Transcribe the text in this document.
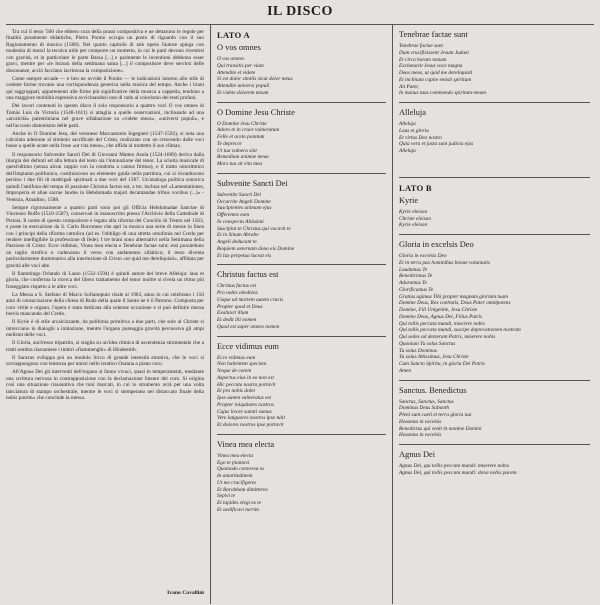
IL DISCO

Tra cui il testo '500 che ebbero cura della prassi compositiva e ne dettarono le regole per finalità puramente didattiche, Pietro Pontio occupa un posto di riguardo con il suo Ragionamento di musica (1588). Nel quarto capitolo di tale opera l'autore spiega con modestia di mezzi la tecnica utile per comporre un mottetto, in cui le parti devono rivestirsi con gravità, et in particolare le parte Bassa [...] e parimente le inventioni debbono esser gravi, mentre per «le lezioni della settimana santa [...] il compositore deve servirsi delle dissonanze, acciò facciano lacrimosa la composizione».

Come sempre accade — e ben ne avvide il Pontio — le indicazioni intorno allo stile di codeste forme trovano una corrispondenza generica nella musica del tempo. Anche i brani qui raggruppati, appartenenti alle firme più significative della musica a cappella, tendono a una maggiore mobilità espressiva avvicinandosi non di rado al colorismo dei testi profani.

Dei lavori contenuti in questo disco il solo responsorio a quattro voci O vos omnes di Tomás Luis da Victoria (1548-1611) si attaglia a quelle osservazioni, inclinando ad una «arcaicità» palestriniana nel grave sillabazione su «videte meus», «universi populi», e nell'accusto diatonismo delle parti.

Anche in O Domine Jesu, del veronese Marcantonio Ingegneri (1547-1592), si nota una calcolata adesione al simbolo sacrificale del Cristo, realizzato con un crescendo dalle voci basse a quelle acute nella frase «ut vita meus», che affida al mottetto il suo climax.

Il responsorio Subvenite Sancti Dei di Giovanni Matteo Asola (1524-1609) deriva dalla liturgia dei defunti ed alla lettura del testo sia l'intonazione del tenor. La sciolta musicale di quest'ultimo (senza alcun cappio con la condotta a cantus firmus), e il tratto omoritmico dell'impianto polifonico, costituiscono un elemento guida nella partitura, cui si riconducono persino i due fili di madrigali spirituali a due voci del 1587. Un'analoga politica sonorica quindi l'antifona del tempo di passione Christus factus est, a tre, inclusa nel «Lamentationes, Improperia et aliae sacrae laudes in Hebdomada majori decantandae tribus vocibus (...)» - Venezia, Amadino, 1588.

Sempre rigorosamente a quattro parti sono poi gli Officia Hebdomadae Sanctae di Vincenzo Ruffo (1510-1587), conservati in manoscritto presso l'Archivio della Cattedrale di Pistoia. Il nome di questo compositore è legato alla riforma del Concilio di Trento nel 1563, e poste in esecuzione da S. Carlo Borromeo che aprì la musica una serie di messe in linea con i principi della riforma cattolica (ad es. l'obbligo di una stretta omofonia nel Credo per rendere intelligibile la professione di fede). I tre brani sono alternativi nella Settimana della Passione di Cristo: Ecce vidimus, Vinea mea electa e Tenebrae factae sunt; essi possiedono un taglio strofico e cadenzano il verso con andamento sillabico; il testo diventa particolarmente drammatico alla interiezione di Cristo «ut quid me dereliquisti», affidata per gravità alle voci alte.

Il fiammingo Orlando di Lasso (1532-1594) è quindi autore del breve Alleluja: laus et gloria, che conferma la ricerca del libero trattamento del tenor inoltre si rivela un ritmo più fraseggiato rispetto a le altre voci.

La Messa a S. Stefano di Marco Sofianopulo risale al 1983, anno in cui celebrano i 150 anni di consacrazione della chiesa di Ruda della quale il Santo ne è il Patrono. Composta per coro virile e organo, l'opera è stata dedicata alla solenne occasione e si può definire messa brevis mancando del Credo.

Il Kyrie è di stile arcaicizzante, da polifonia primitiva a due parti, che sole al Christe si intrecciano in dialoghi a imitazione, mentre l'organo punteggia gravità percussiva gli ampi melismi delle voci.

Il Gloria, anch'esso tripartito, si staglia su un'idea ritmica di ascendenza strumentale che a tratti sembra riassumere i timbri «fiammenghi» di Hindemith.

Il Sanctus sviluppa poi un modulo lirico di grande intensità emotiva, che le voci si sovrappongono con lentezza per unirsi nello ieratico Osanna a piano coro.

All'Agnus Dei gli interventi dell'organo si fanno vivaci, quasi in temperamenti, mediante una scrittura nervosa in contrapposizione con la declamazione lineare del coro. Si origina così una situazione riassuntiva che toni marcati, in cui lo strumento avrà per una volta laisciatura di stampo orchestrale, mentre le voci si stemperano nel distaccato finale della nobis pacem» che conclude la messa.

Ivano Cavallini
LATO A
O vos omnes
O vos omnes
Qui transitis per viam
Attendite et videte
Si est dolor similis sicut dolor meus
Attendite universi populi
Et videte dolorem meum
O Domine Jesu Christe
O Domine Jesu Christe
Adoro te in cruce vulneratum
Felle et aceto potatum
Te deprecor
Ut tua vulnera sint
Remedium animae meae
Mors tua sit vita mea
Subvenite Sancti Dei
Subvenite Sancti Dei
Occurrite Angeli Domine
Suscipientes animam ejus
Offerentes eam
In conspectu Altissimi
Suscipiat te Christus qui vocavit te
Et in Sinum Abrahe
Angeli deducant te
Requiem aeternam dona eis Domine
Et lux perpetua luceat eis
Christus factus est
Christus factus est
Pro nobis obediens
Usque ad mortem autem crucis
Propter quod et Deus
Exaltavit illum
Et dedit illi nomen
Quod est super omnes nomen
Ecce vidimus eum
Ecce vidimus eum
Non habentem speciem
Neque de corem
Aspectus eius in eo non est
Hic peccata nostra portavit
Et pro nobis dolet
Ipse autem vulneratus est
Propter iniquitates nostras
Cujus livore sanati sumus
Vere languores nostros ipse tulit
Et dolores nostros ipse portavit
Vinea mea electa
Vinea mea electa
Ego te plantavi
Quomodo conversa es
In amaritudinem
Ut me crucifigeres
Et Barabbam dimitteres
Sepivi te
Et lapides elegi ex te
Et aedificavi turrim
Tenebrae factae sunt
Tenebrae factae sunt
Dum crucifixissent Jesum Judaei
Et circa horam nonam
Exclamavit Jesus voce magna
Deus meus, ut quid me dereliquisti
Et inclinato capite emisit spiritum
Ait Pater,
In manus tuas commendo spiritum meum
Alleluja
Alleluja
Laus et gloria
Et virtus Deo nostro
Quia vera et justa sunt judicia ejus
Alleluja
LATO B
Kyrie
Kyrie eleison
Christe eleison
Kyrie eleison
Gloria in excelsis Deo
Gloria in excelsis Deo
Et in terra pax hominibus bonae voluntatis
Laudamus Te
Benedicimus Te
Adoramus Te
Glorificamus Te
Gratias agimus Tibi propter magnam gloriam tuam
Domine Deus, Rex coelestis, Deus Pater omnipotens
Domine, Fili Unigenite, Jesu Christe
Domine Deus, Agnus Dei, Filius Patris
Qui tollis peccata mundi, miserere nobis
Qui tollis peccata mundi, suscipe deprecationem nostram
Qui sedes ad dexteram Patris, miserere nobis
Quoniam Tu solus Sanctus
Tu solus Dominus
Tu solus Altissimus, Jesu Christe
Cum Sancto Spiritu, in gloria Dei Patris
Amen
Sanctus. Benedictus
Sanctus, Sanctus, Sanctus
Dominus Deus Sabaoth
Pleni sunt caeli et terra gloria tua
Hosanna in excelsis
Benedictus qui venit in nomine Domini
Hosanna in excelsis
Agnus Dei
Agnus Dei, qui tollis peccata mundi: miserere nobis
Agnus Dei, qui tollis peccata mundi: dona nobis pacem
